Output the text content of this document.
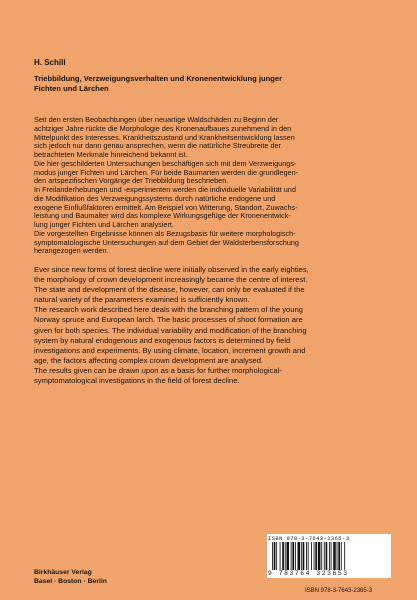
H. Schill
Triebbildung, Verzweigungsverhalten und Kronenentwicklung junger
Fichten und Lärchen

Seit den ersten Beobachtungen über neuartige Waldschäden zu Beginn der

achtziger Jahre rückte die Morphologie des Kronenaufbaues zunehmend in den

Mittelpunkt des Interesses. Krankheitszustand und Krankheitsentwicklung lassen

sich jedoch nur dann genau ansprechen, wenn die natürliche Streubreite der

betrachteten Merkmale hinreichend bekannt ist.

Die hier geschilderten Untersuchungen beschäftigen sich mit dem Verzweigungs-

modus junger Fichten und Lärchen. Für beide Baumarten werden die grundlegen-

den artspezifischen Vorgänge der Triebbildung beschrieben.

In Freilanderhebungen und -experimenten werden die individuelle Variabilität und

die Modifikation des Verzweigungssystems durch natürliche endogene und

exogene Einflußfaktoren ermittelt. Am Beispiel von Witterung, Standort, Zuwachs-

leistung und Baumalter wird das komplexe Wirkungsgefüge der Kronenentwick-

lung junger Fichten und Lärchen analysiert.

Die vorgestellten Ergebnisse können als Bezugsbasis für weitere morphologisch-

symptomatologische Untersuchungen auf dem Gebiet der Waldsterbensforschung

herangezogen werden.

Ever since new forms of forest decline were initially observed in the early eighties,

the morphology of crown development increasingly became the centre of interest.

The state and development of the disease, however, can only be evaluated if the

natural variety of the parameters examined is sufficiently known.

The research work described here deals with the branching pattern of the young

Norway spruce and European larch. The basic processes of shoot formation are

given for both species. The individual variability and modification of the branching

system by natural endogenous and exogenous factors is determined by field

investigations and experiments. By using climate, location, increment growth and

age, the factors affecting complex crown development are analysed.

The results given can be drawn upon as a basis for further morphological-

symptomatological investigations in the field of forest decline.

ISBN 978-3-7643-2365-3
9 783764 323653
Birkhäuser Verlag
Basel · Boston · Berlin
ISBN 978-3-7643-2365-3
